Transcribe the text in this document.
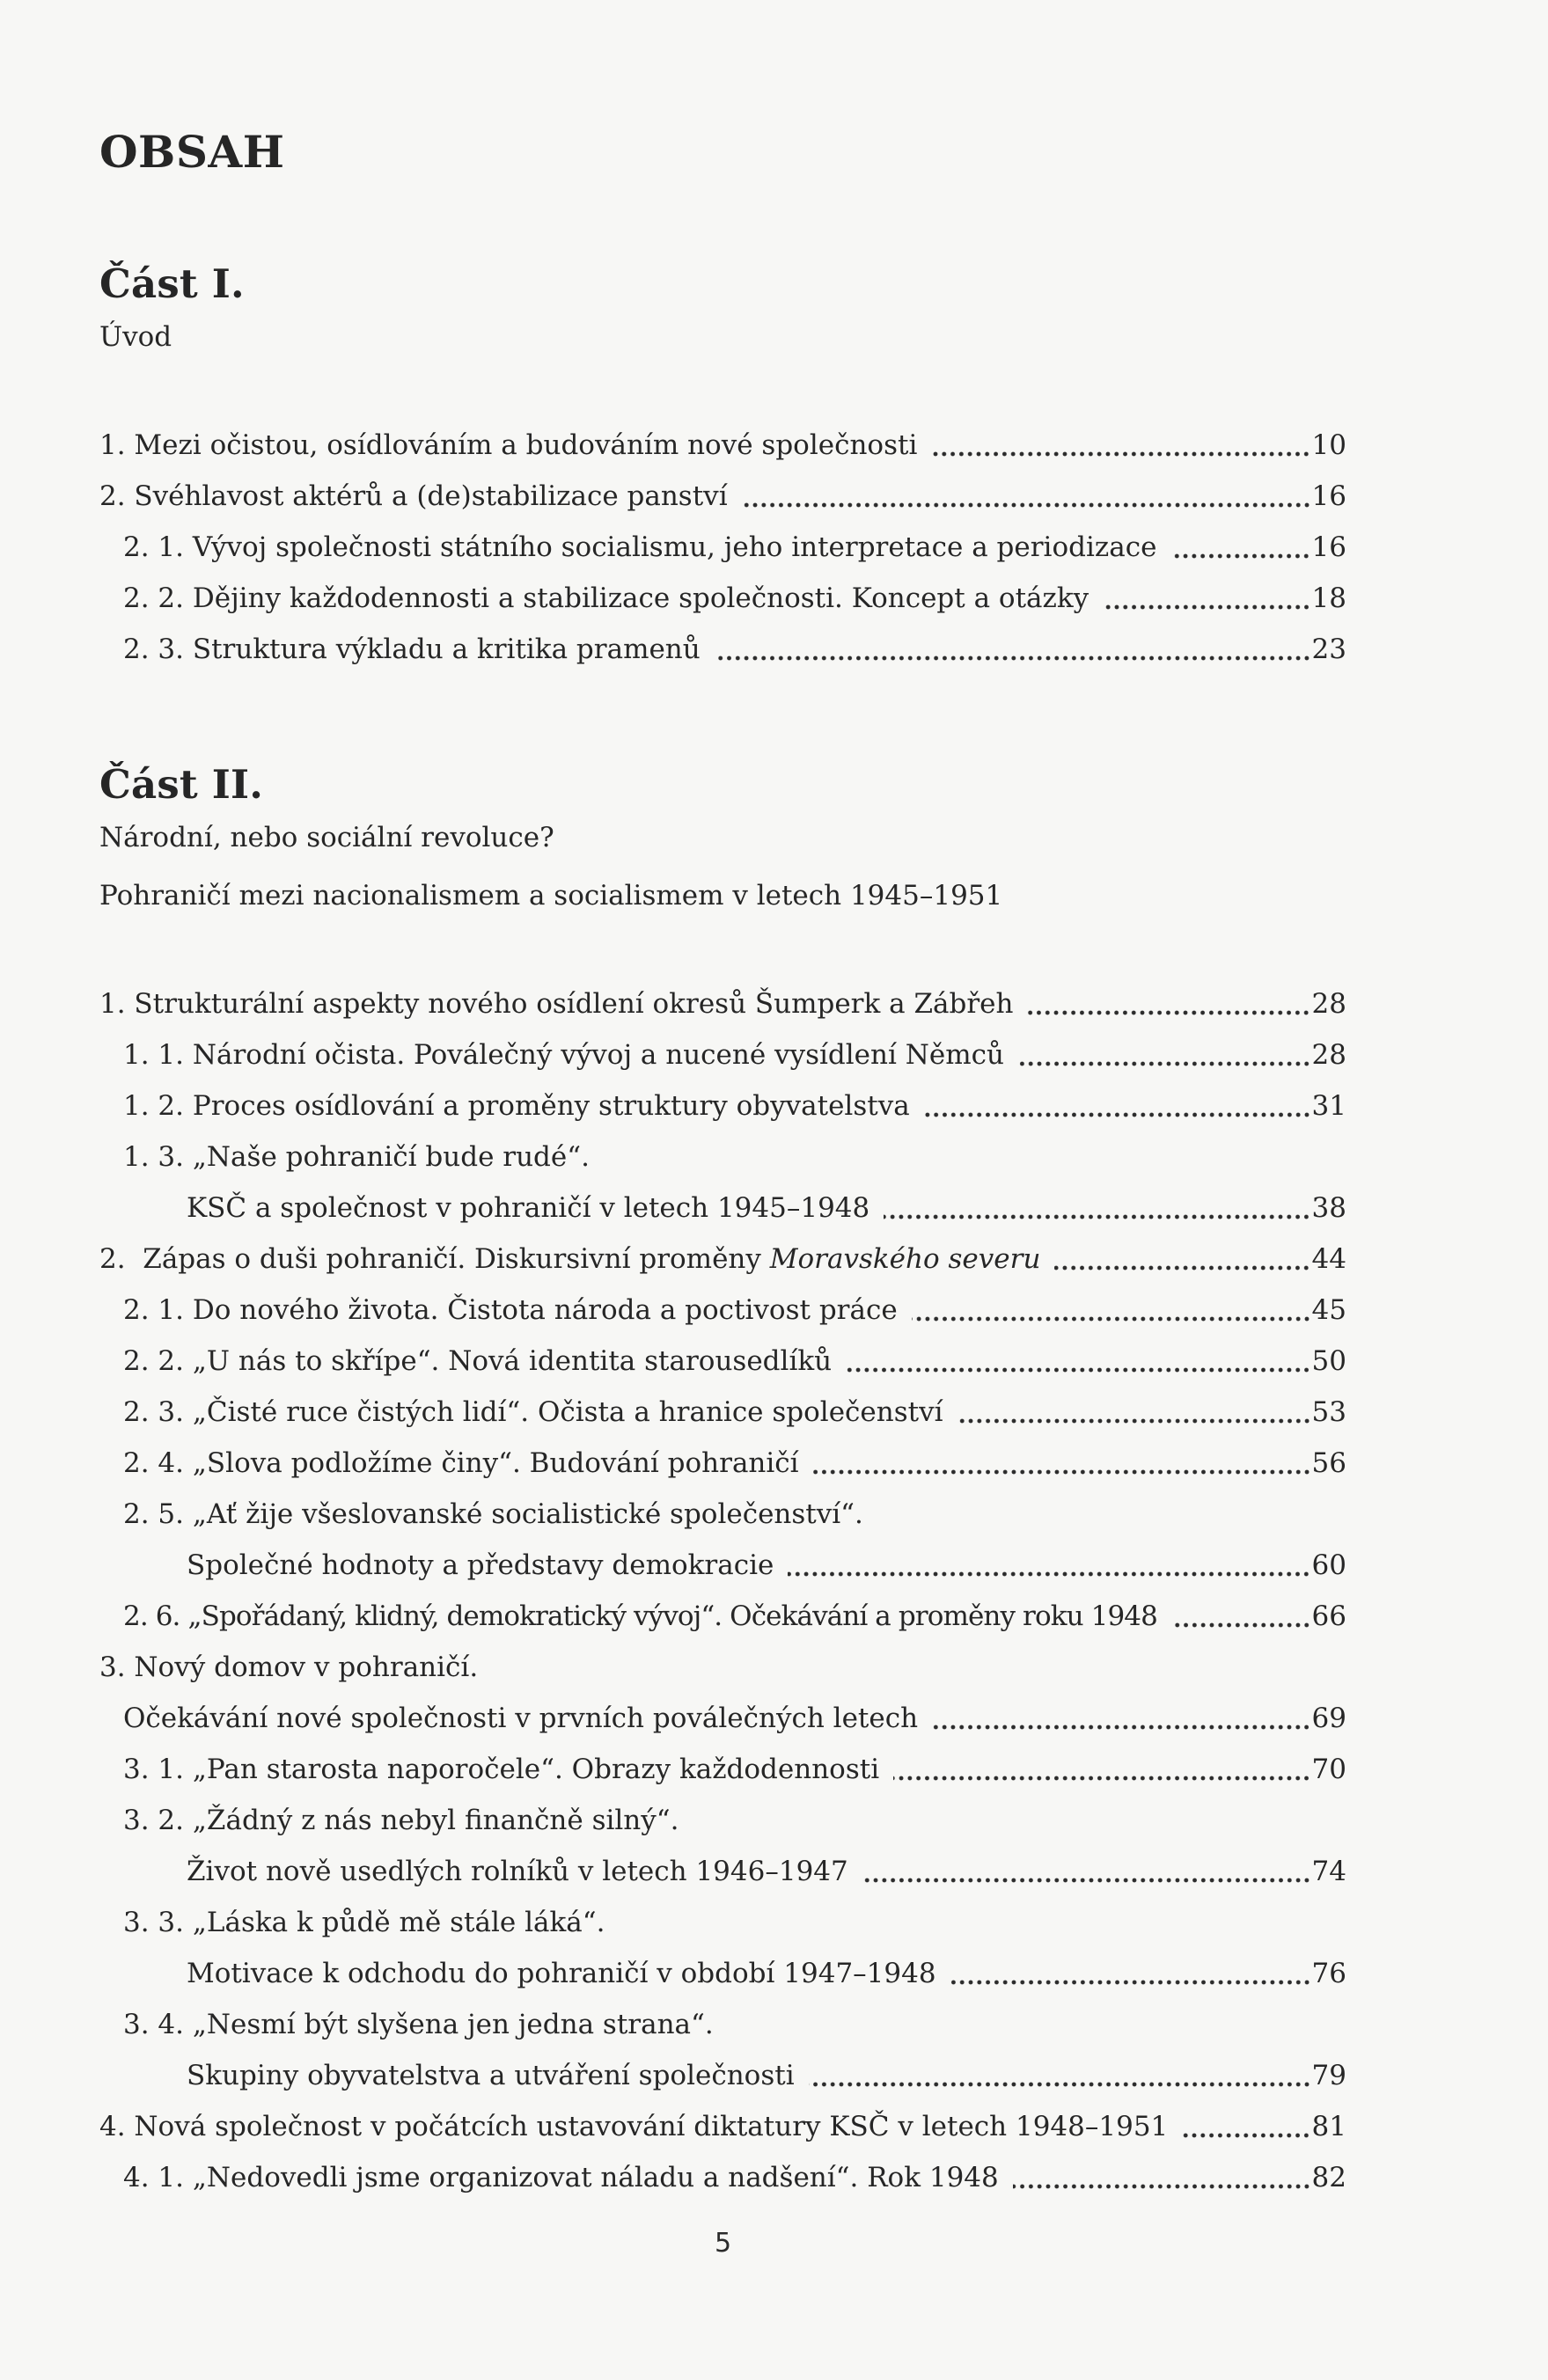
OBSAH
Část I.
Úvod
1. Mezi očistou, osídlováním a budováním nové společnosti	10
2. Svéhlavost aktérů a (de)stabilizace panství	16
2. 1. Vývoj společnosti státního socialismu, jeho interpretace a periodizace	16
2. 2. Dějiny každodennosti a stabilizace společnosti. Koncept a otázky	18
2. 3. Struktura výkladu a kritika pramenů	23
Část II.
Národní, nebo sociální revoluce?
Pohraničí mezi nacionalismem a socialismem v letech 1945–1951
1. Strukturální aspekty nového osídlení okresů Šumperk a Zábřeh	28
1. 1. Národní očista. Poválečný vývoj a nucené vysídlení Němců	28
1. 2. Proces osídlování a proměny struktury obyvatelstva	31
1. 3. „Naše pohraničí bude rudé“.
KSČ a společnost v pohraničí v letech 1945–1948	38
2.  Zápas o duši pohraničí. Diskursivní proměny Moravského severu	44
2. 1. Do nového života. Čistota národa a poctivost práce	45
2. 2. „U nás to skřípe“. Nová identita starousedlíků	50
2. 3. „Čisté ruce čistých lidí“. Očista a hranice společenství	53
2. 4. „Slova podložíme činy“. Budování pohraničí	56
2. 5. „Ať žije všeslovanské socialistické společenství“.
Společné hodnoty a představy demokracie	60
2. 6. „Spořádaný, klidný, demokratický vývoj“. Očekávání a proměny roku 1948	66
3. Nový domov v pohraničí.
Očekávání nové společnosti v prvních poválečných letech	69
3. 1. „Pan starosta naporočele“. Obrazy každodennosti	70
3. 2. „Žádný z nás nebyl finančně silný“.
Život nově usedlých rolníků v letech 1946–1947	74
3. 3. „Láska k půdě mě stále láká“.
Motivace k odchodu do pohraničí v období 1947–1948	76
3. 4. „Nesmí být slyšena jen jedna strana“.
Skupiny obyvatelstva a utváření společnosti	79
4. Nová společnost v počátcích ustavování diktatury KSČ v letech 1948–1951	81
4. 1. „Nedovedli jsme organizovat náladu a nadšení“. Rok 1948	82
5
